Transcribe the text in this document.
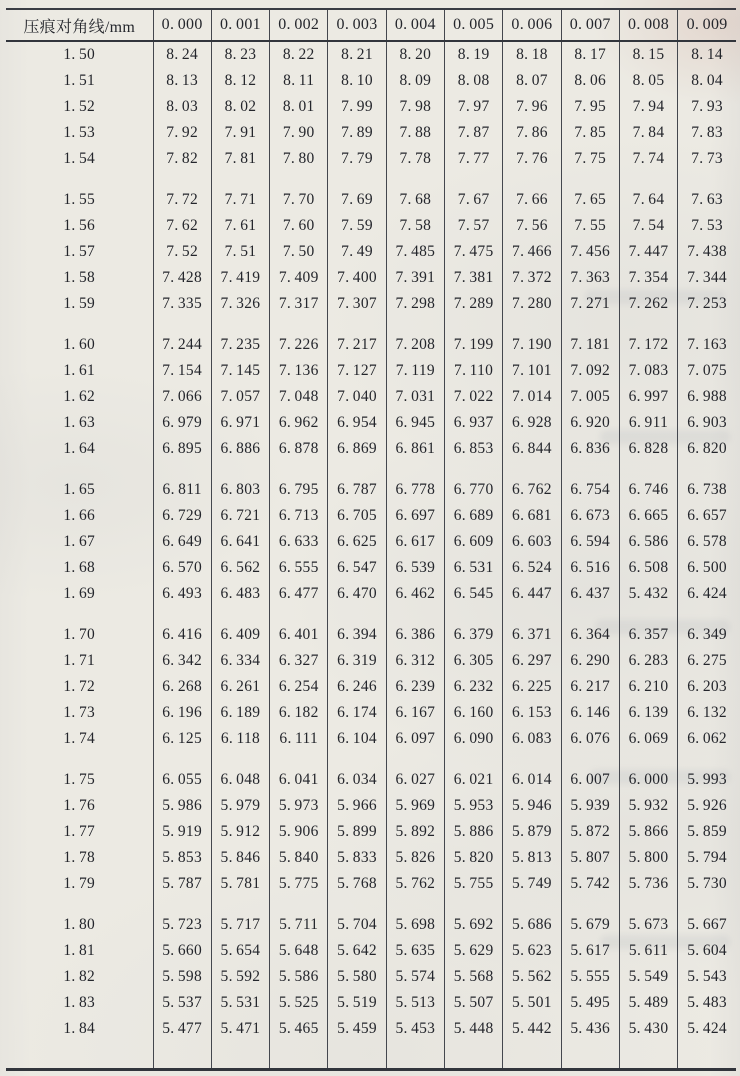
压痕对角线/mm	0. 000	0. 001	0. 002	0. 003	0. 004	0. 005	0. 006	0. 007	0. 008	0. 009
1. 50	8. 24	8. 23	8. 22	8. 21	8. 20	8. 19	8. 18	8. 17	8. 15	8. 14
1. 51	8. 13	8. 12	8. 11	8. 10	8. 09	8. 08	8. 07	8. 06	8. 05	8. 04
1. 52	8. 03	8. 02	8. 01	7. 99	7. 98	7. 97	7. 96	7. 95	7. 94	7. 93
1. 53	7. 92	7. 91	7. 90	7. 89	7. 88	7. 87	7. 86	7. 85	7. 84	7. 83
1. 54	7. 82	7. 81	7. 80	7. 79	7. 78	7. 77	7. 76	7. 75	7. 74	7. 73

1. 55	7. 72	7. 71	7. 70	7. 69	7. 68	7. 67	7. 66	7. 65	7. 64	7. 63
1. 56	7. 62	7. 61	7. 60	7. 59	7. 58	7. 57	7. 56	7. 55	7. 54	7. 53
1. 57	7. 52	7. 51	7. 50	7. 49	7. 485	7. 475	7. 466	7. 456	7. 447	7. 438
1. 58	7. 428	7. 419	7. 409	7. 400	7. 391	7. 381	7. 372	7. 363	7. 354	7. 344
1. 59	7. 335	7. 326	7. 317	7. 307	7. 298	7. 289	7. 280	7. 271	7. 262	7. 253

1. 60	7. 244	7. 235	7. 226	7. 217	7. 208	7. 199	7. 190	7. 181	7. 172	7. 163
1. 61	7. 154	7. 145	7. 136	7. 127	7. 119	7. 110	7. 101	7. 092	7. 083	7. 075
1. 62	7. 066	7. 057	7. 048	7. 040	7. 031	7. 022	7. 014	7. 005	6. 997	6. 988
1. 63	6. 979	6. 971	6. 962	6. 954	6. 945	6. 937	6. 928	6. 920	6. 911	6. 903
1. 64	6. 895	6. 886	6. 878	6. 869	6. 861	6. 853	6. 844	6. 836	6. 828	6. 820

1. 65	6. 811	6. 803	6. 795	6. 787	6. 778	6. 770	6. 762	6. 754	6. 746	6. 738
1. 66	6. 729	6. 721	6. 713	6. 705	6. 697	6. 689	6. 681	6. 673	6. 665	6. 657
1. 67	6. 649	6. 641	6. 633	6. 625	6. 617	6. 609	6. 603	6. 594	6. 586	6. 578
1. 68	6. 570	6. 562	6. 555	6. 547	6. 539	6. 531	6. 524	6. 516	6. 508	6. 500
1. 69	6. 493	6. 483	6. 477	6. 470	6. 462	6. 545	6. 447	6. 437	5. 432	6. 424

1. 70	6. 416	6. 409	6. 401	6. 394	6. 386	6. 379	6. 371	6. 364	6. 357	6. 349
1. 71	6. 342	6. 334	6. 327	6. 319	6. 312	6. 305	6. 297	6. 290	6. 283	6. 275
1. 72	6. 268	6. 261	6. 254	6. 246	6. 239	6. 232	6. 225	6. 217	6. 210	6. 203
1. 73	6. 196	6. 189	6. 182	6. 174	6. 167	6. 160	6. 153	6. 146	6. 139	6. 132
1. 74	6. 125	6. 118	6. 111	6. 104	6. 097	6. 090	6. 083	6. 076	6. 069	6. 062

1. 75	6. 055	6. 048	6. 041	6. 034	6. 027	6. 021	6. 014	6. 007	6. 000	5. 993
1. 76	5. 986	5. 979	5. 973	5. 966	5. 969	5. 953	5. 946	5. 939	5. 932	5. 926
1. 77	5. 919	5. 912	5. 906	5. 899	5. 892	5. 886	5. 879	5. 872	5. 866	5. 859
1. 78	5. 853	5. 846	5. 840	5. 833	5. 826	5. 820	5. 813	5. 807	5. 800	5. 794
1. 79	5. 787	5. 781	5. 775	5. 768	5. 762	5. 755	5. 749	5. 742	5. 736	5. 730

1. 80	5. 723	5. 717	5. 711	5. 704	5. 698	5. 692	5. 686	5. 679	5. 673	5. 667
1. 81	5. 660	5. 654	5. 648	5. 642	5. 635	5. 629	5. 623	5. 617	5. 611	5. 604
1. 82	5. 598	5. 592	5. 586	5. 580	5. 574	5. 568	5. 562	5. 555	5. 549	5. 543
1. 83	5. 537	5. 531	5. 525	5. 519	5. 513	5. 507	5. 501	5. 495	5. 489	5. 483
1. 84	5. 477	5. 471	5. 465	5. 459	5. 453	5. 448	5. 442	5. 436	5. 430	5. 424
